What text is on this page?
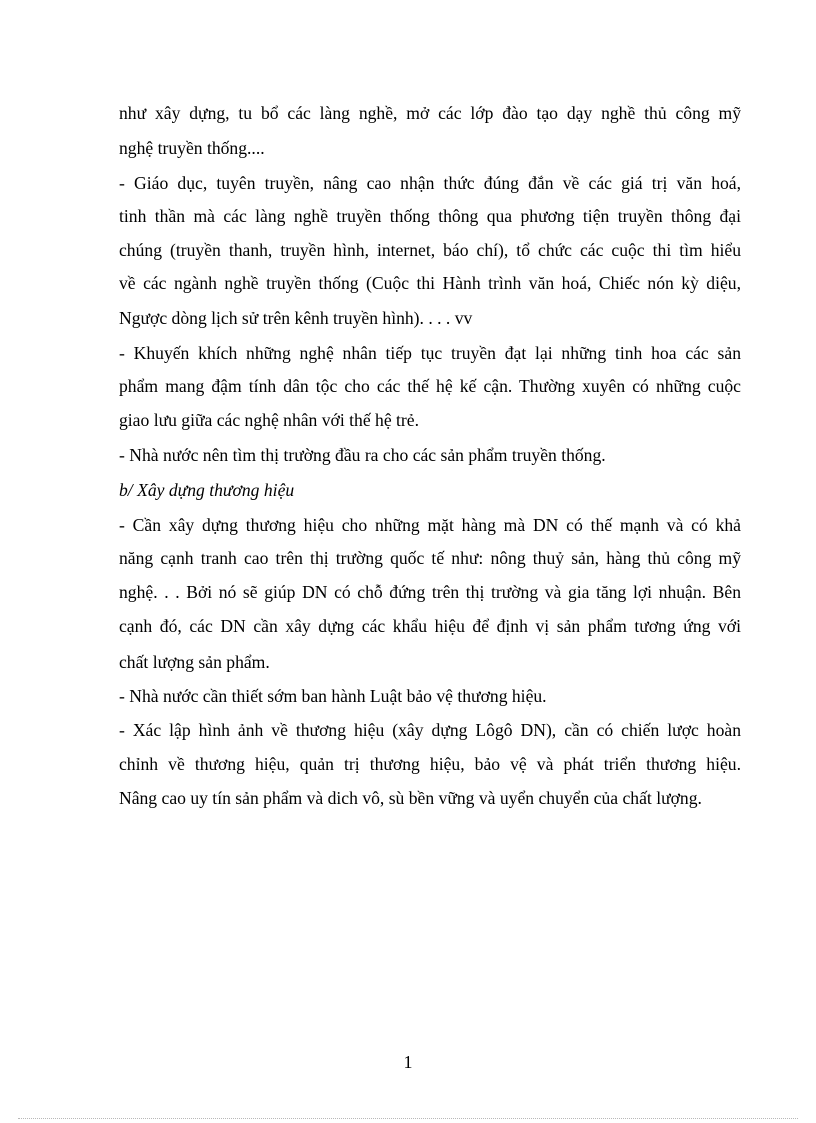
như xây dựng, tu bổ các làng nghề, mở các lớp đào tạo dạy nghề thủ công mỹ
nghệ truyền thống....
- Giáo dục, tuyên truyền, nâng cao nhận thức đúng đắn về các giá trị văn hoá,
tinh thần mà các làng nghề truyền thống thông qua phương tiện truyền thông đại
chúng (truyền thanh, truyền hình, internet, báo chí), tổ chức các cuộc thi tìm hiểu
về các ngành nghề truyền thống (Cuộc thi Hành trình văn hoá, Chiếc nón kỳ diệu,
Ngược dòng lịch sử trên kênh truyền hình). . . . vv
- Khuyến khích những nghệ nhân tiếp tục truyền đạt lại những tinh hoa các sản
phẩm mang đậm tính dân tộc cho các thế hệ kế cận. Thường xuyên có những cuộc
giao lưu giữa các nghệ nhân với thế hệ trẻ.
- Nhà nước nên tìm thị trường đầu ra cho các sản phẩm truyền thống.
b/ Xây dựng thương hiệu
- Cần xây dựng thương hiệu cho những mặt hàng mà DN có thế mạnh và có khả
năng cạnh tranh cao trên thị trường quốc tế như: nông thuỷ sản, hàng thủ công mỹ
nghệ. . . Bởi nó sẽ giúp DN có chỗ đứng trên thị trường và gia tăng lợi nhuận. Bên
cạnh đó, các DN cần xây dựng các khẩu hiệu để định vị sản phẩm tương ứng với
chất lượng sản phẩm.
- Nhà nước cần thiết sớm ban hành Luật bảo vệ thương hiệu.
- Xác lập hình ảnh về thương hiệu (xây dựng Lôgô DN), cần có chiến lược hoàn
chỉnh về thương hiệu, quản trị thương hiệu, bảo vệ và phát triển thương hiệu.
Nâng cao uy tín sản phẩm và dich vô, sù bền vững và uyển chuyển của chất lượng.
1
